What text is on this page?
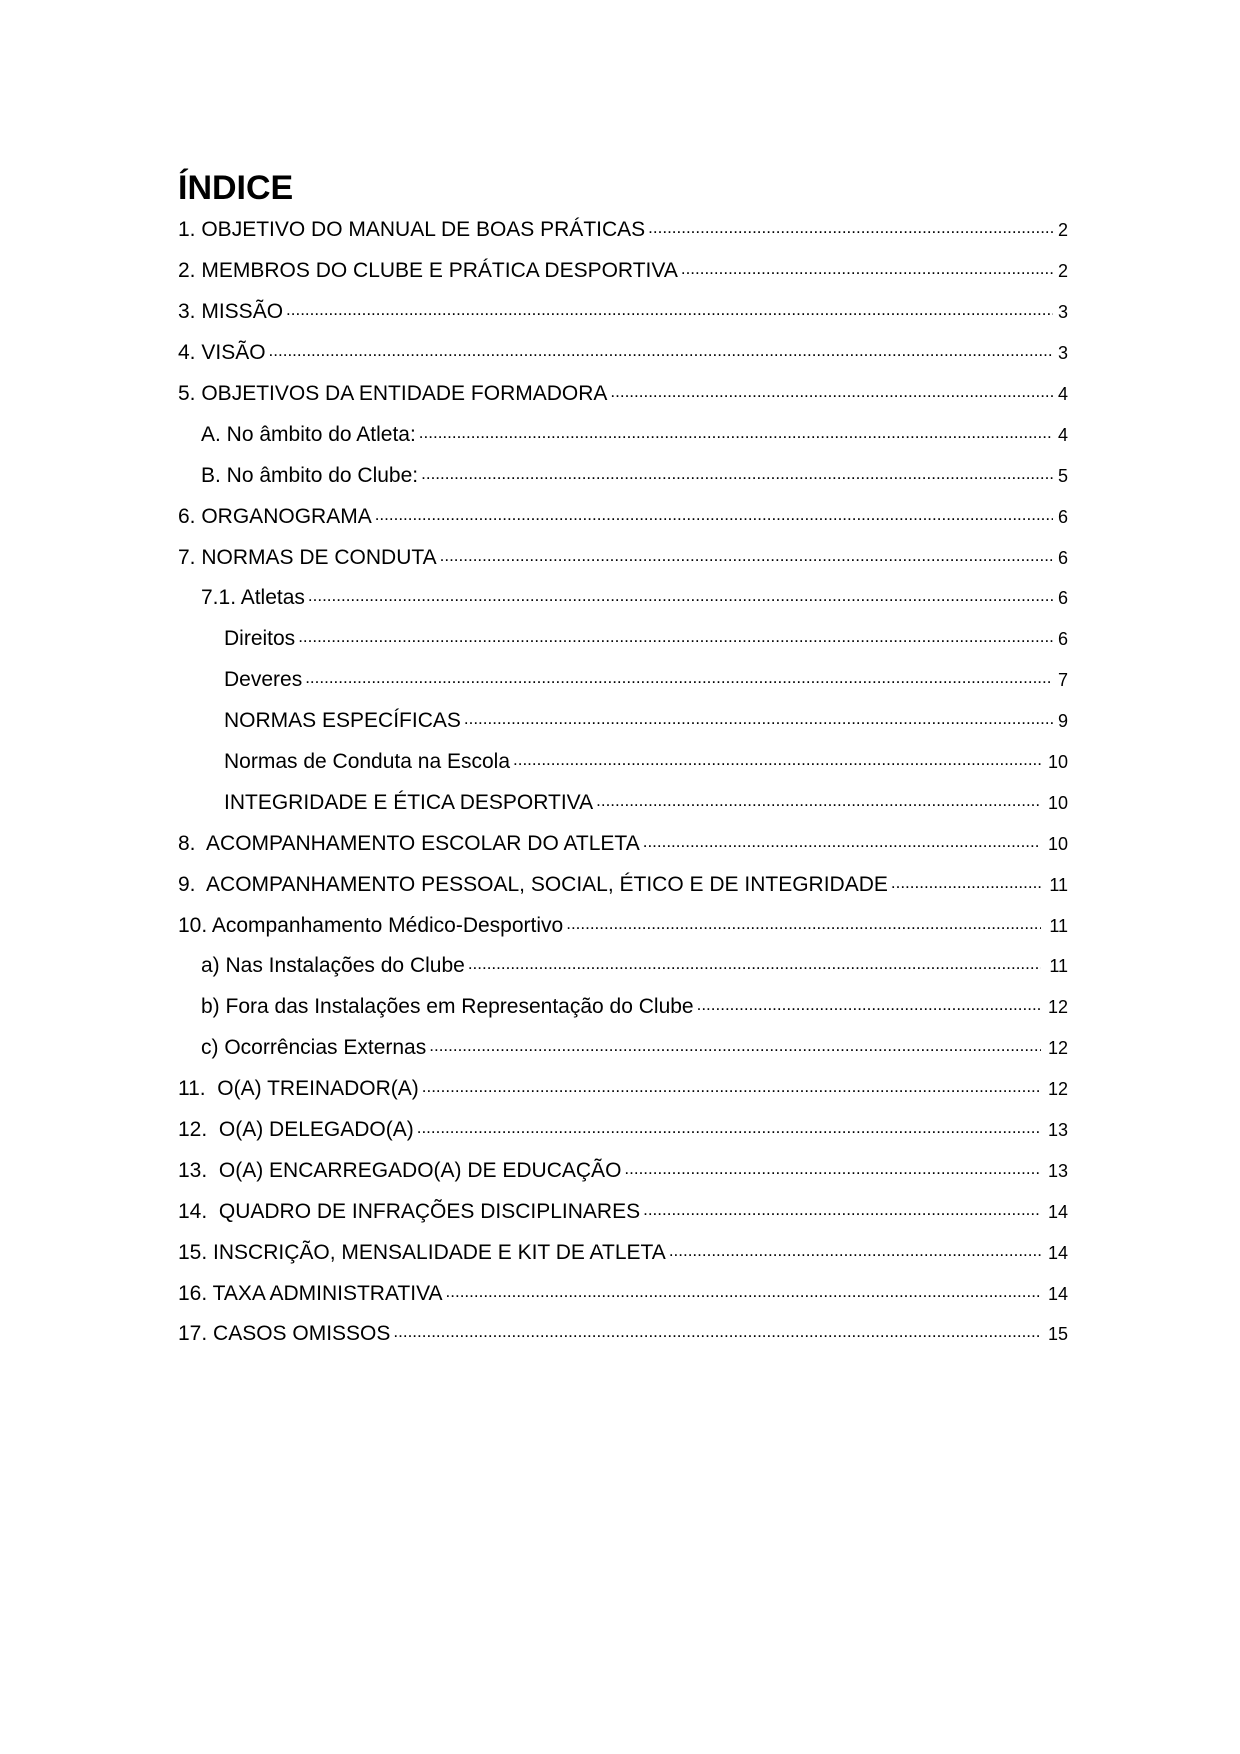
ÍNDICE
1. OBJETIVO DO MANUAL DE BOAS PRÁTICAS .....	2
2. MEMBROS DO CLUBE E PRÁTICA DESPORTIVA .....	2
3. MISSÃO .....	3
4. VISÃO .....	3
5. OBJETIVOS DA ENTIDADE FORMADORA .....	4
A. No âmbito do Atleta: .....	4
B. No âmbito do Clube: .....	5
6. ORGANOGRAMA .....	6
7. NORMAS DE CONDUTA .....	6
7.1. Atletas .....	6
Direitos .....	6
Deveres .....	7
NORMAS ESPECÍFICAS .....	9
Normas de Conduta na Escola .....	10
INTEGRIDADE E ÉTICA DESPORTIVA .....	10
8.  ACOMPANHAMENTO ESCOLAR DO ATLETA .....	10
9.  ACOMPANHAMENTO PESSOAL, SOCIAL, ÉTICO E DE INTEGRIDADE .....	11
10. Acompanhamento Médico-Desportivo .....	11
a) Nas Instalações do Clube .....	11
b) Fora das Instalações em Representação do Clube .....	12
c) Ocorrências Externas .....	12
11.  O(A) TREINADOR(A) .....	12
12.  O(A) DELEGADO(A) .....	13
13.  O(A) ENCARREGADO(A) DE EDUCAÇÃO .....	13
14.  QUADRO DE INFRAÇÕES DISCIPLINARES .....	14
15. INSCRIÇÃO, MENSALIDADE E KIT DE ATLETA .....	14
16. TAXA ADMINISTRATIVA .....	14
17. CASOS OMISSOS .....	15
